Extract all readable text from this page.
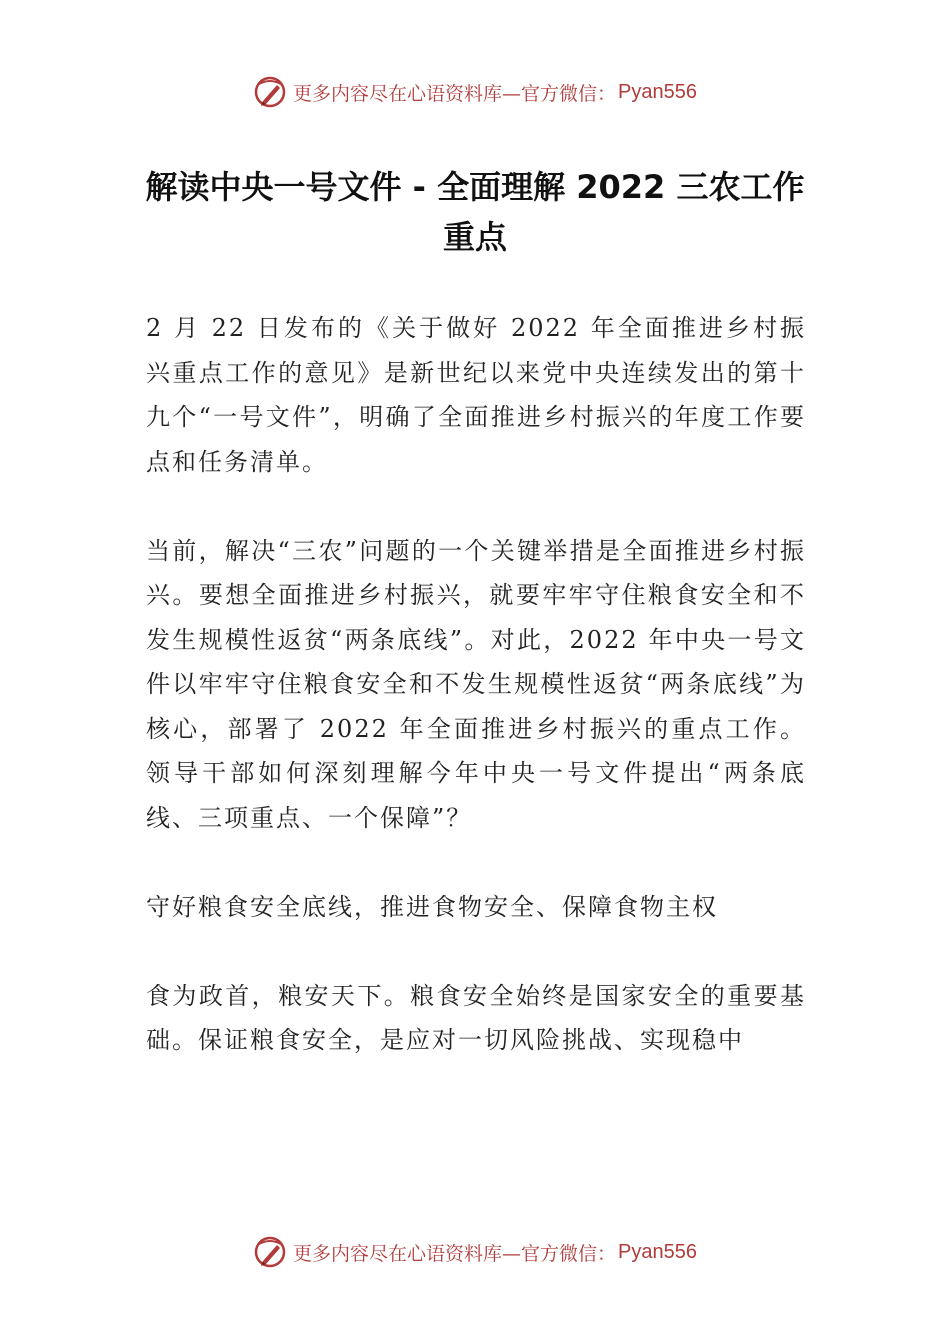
更多内容尽在心语资料库—官方微信： Pyan556
解读中央一号文件 - 全面理解 2022 三农工作重点

2 月 22 日发布的《关于做好 2022 年全面推进乡村振兴重点工作的意见》是新世纪以来党中央连续发出的第十九个“一号文件”，明确了全面推进乡村振兴的年度工作要点和任务清单。

当前，解决“三农”问题的一个关键举措是全面推进乡村振兴。要想全面推进乡村振兴，就要牢牢守住粮食安全和不发生规模性返贫“两条底线”。对此，2022 年中央一号文件以牢牢守住粮食安全和不发生规模性返贫“两条底线”为核心，部署了 2022 年全面推进乡村振兴的重点工作。领导干部如何深刻理解今年中央一号文件提出“两条底线、三项重点、一个保障”？

守好粮食安全底线，推进食物安全、保障食物主权

食为政首，粮安天下。粮食安全始终是国家安全的重要基础。保证粮食安全，是应对一切风险挑战、实现稳中

更多内容尽在心语资料库—官方微信： Pyan556
